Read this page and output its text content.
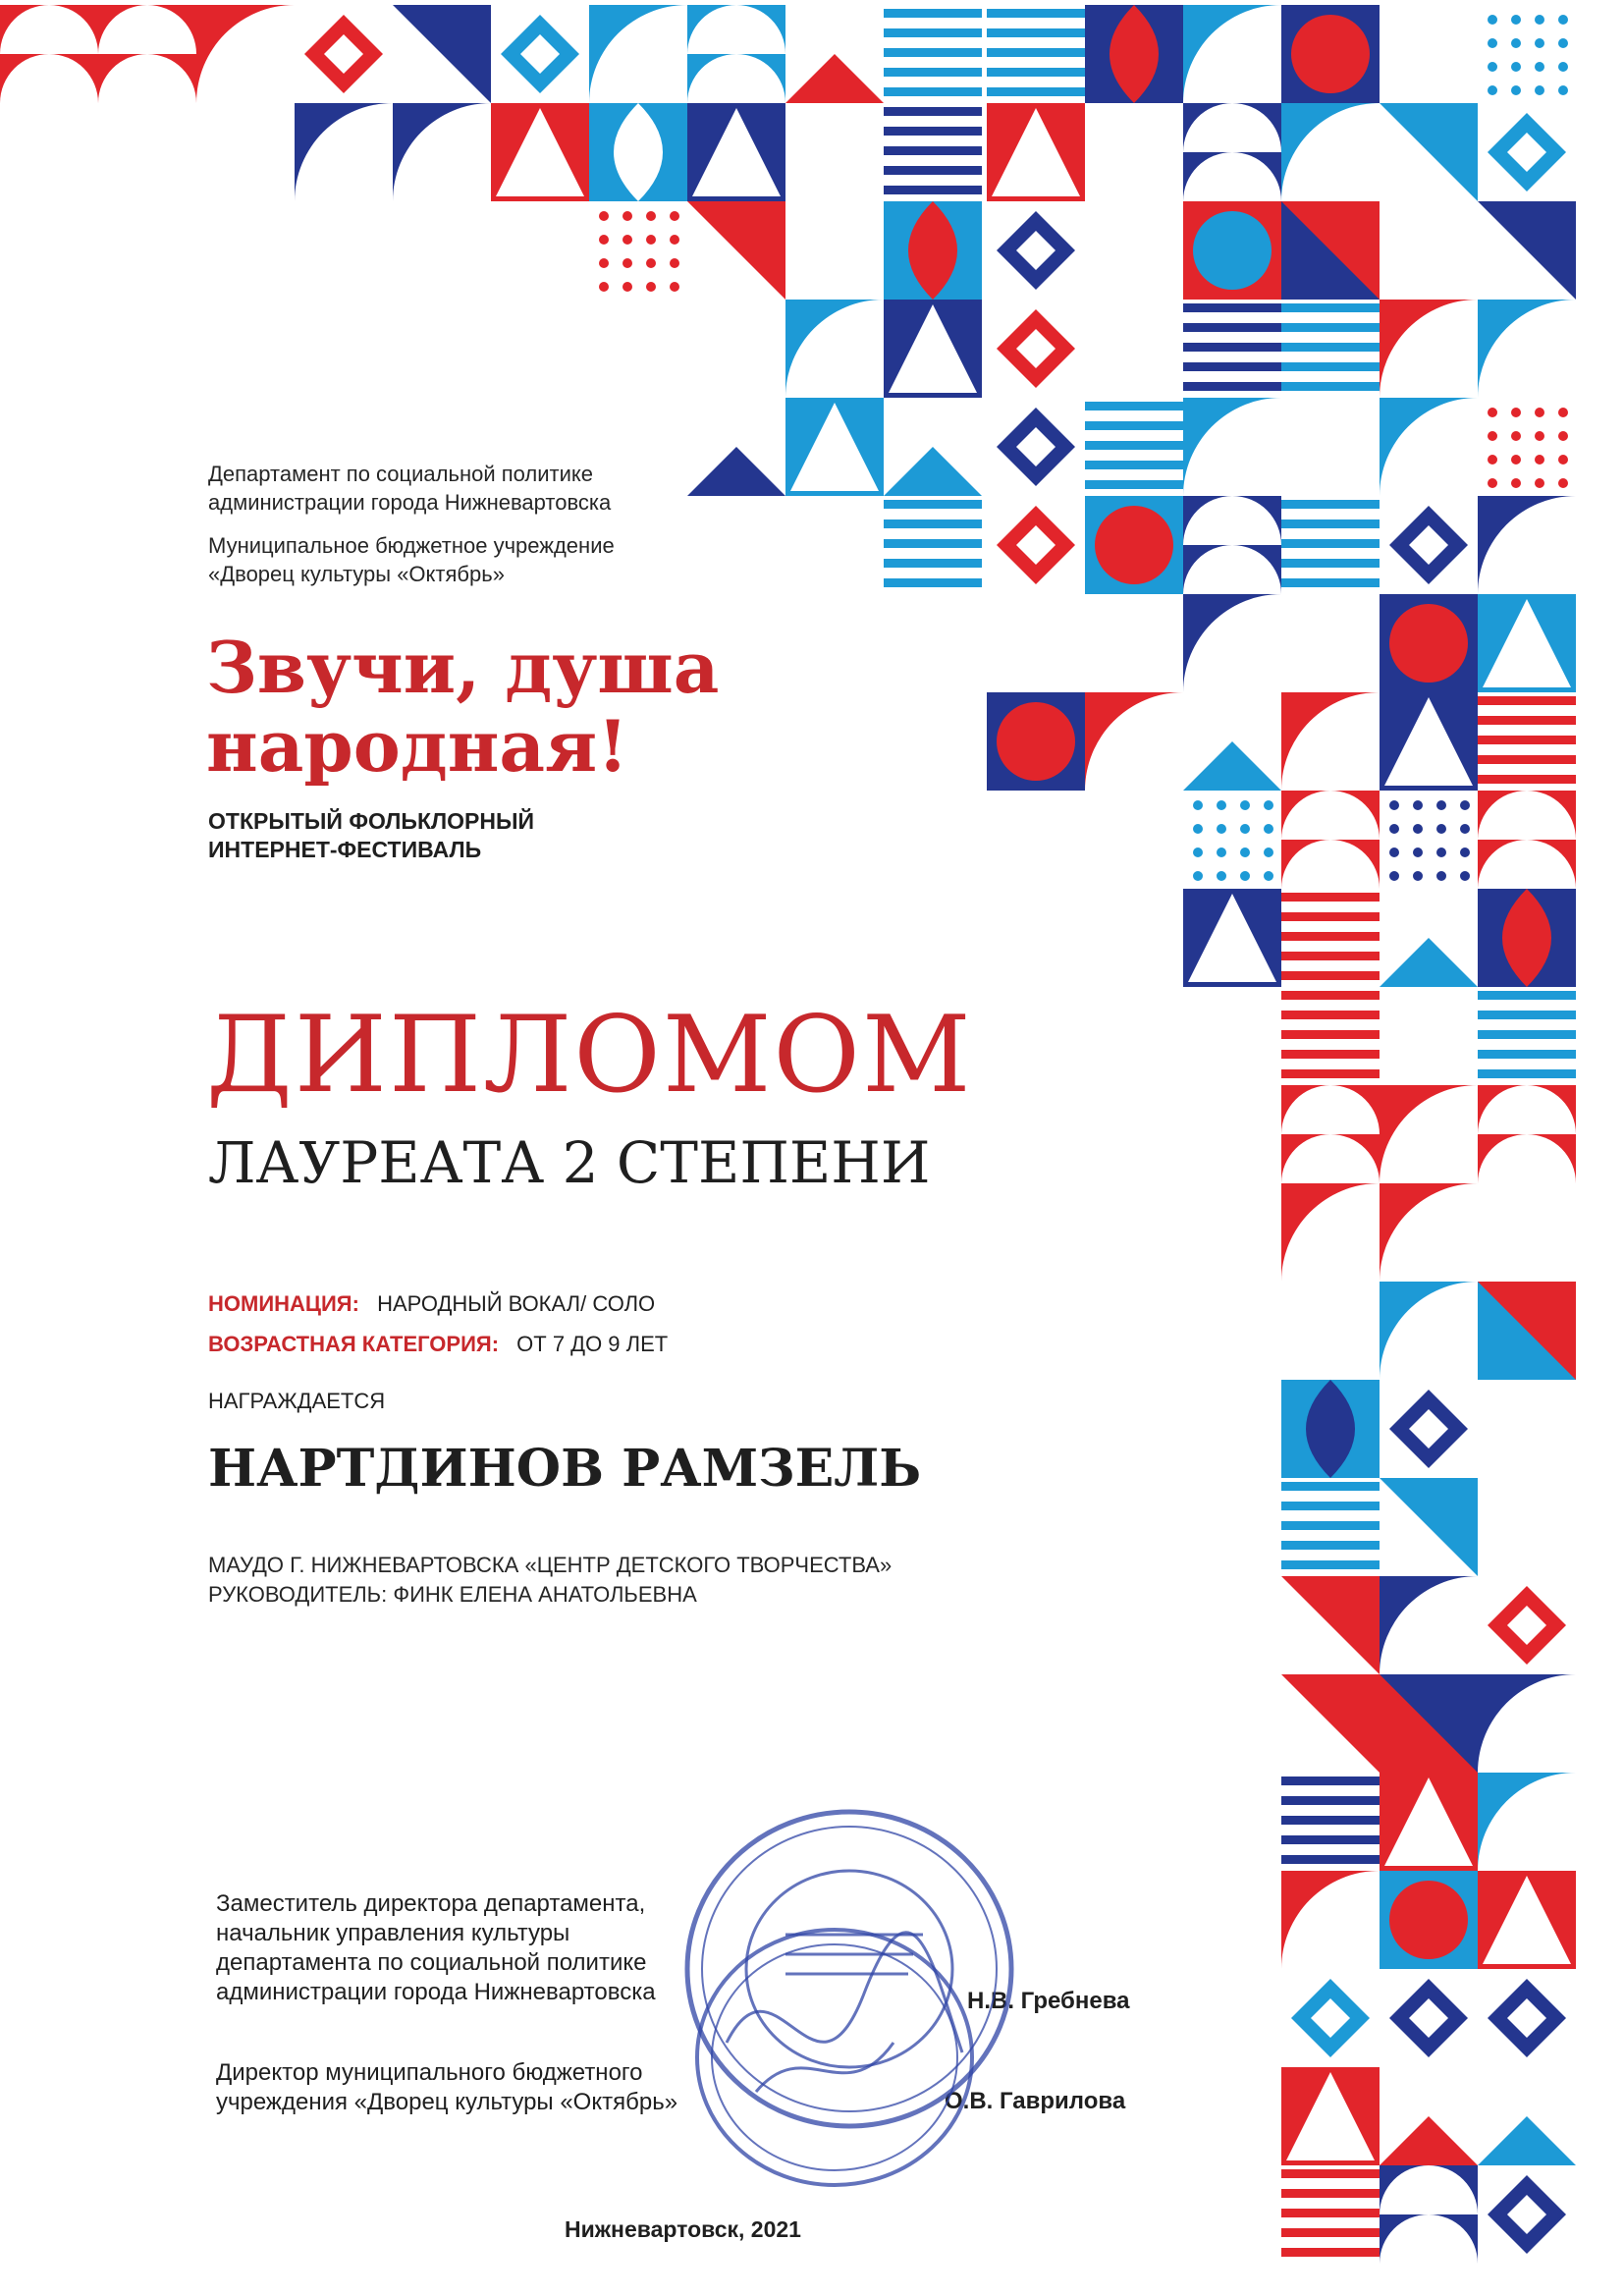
Департамент по социальной политике
администрации города Нижневартовска
Муниципальное бюджетное учреждение
«Дворец культуры «Октябрь»
Звучи, душа
народная!
ОТКРЫТЫЙ ФОЛЬКЛОРНЫЙ
ИНТЕРНЕТ-ФЕСТИВАЛЬ
ДИПЛОМОМ
ЛАУРЕАТА 2 СТЕПЕНИ
НОМИНАЦИЯ: НАРОДНЫЙ ВОКАЛ/ СОЛО
ВОЗРАСТНАЯ КАТЕГОРИЯ: ОТ 7 ДО 9 ЛЕТ
НАГРАЖДАЕТСЯ
НАРТДИНОВ РАМЗЕЛЬ
МАУДО Г. НИЖНЕВАРТОВСКА «ЦЕНТР ДЕТСКОГО ТВОРЧЕСТВА»
РУКОВОДИТЕЛЬ: ФИНК ЕЛЕНА АНАТОЛЬЕВНА
Заместитель директора департамента,
начальник управления культуры
департамента по социальной политике
администрации города Нижневартовска	Н.В. Гребнева
Директор муниципального бюджетного
учреждения «Дворец культуры «Октябрь»	О.В. Гаврилова
Нижневартовск, 2021
